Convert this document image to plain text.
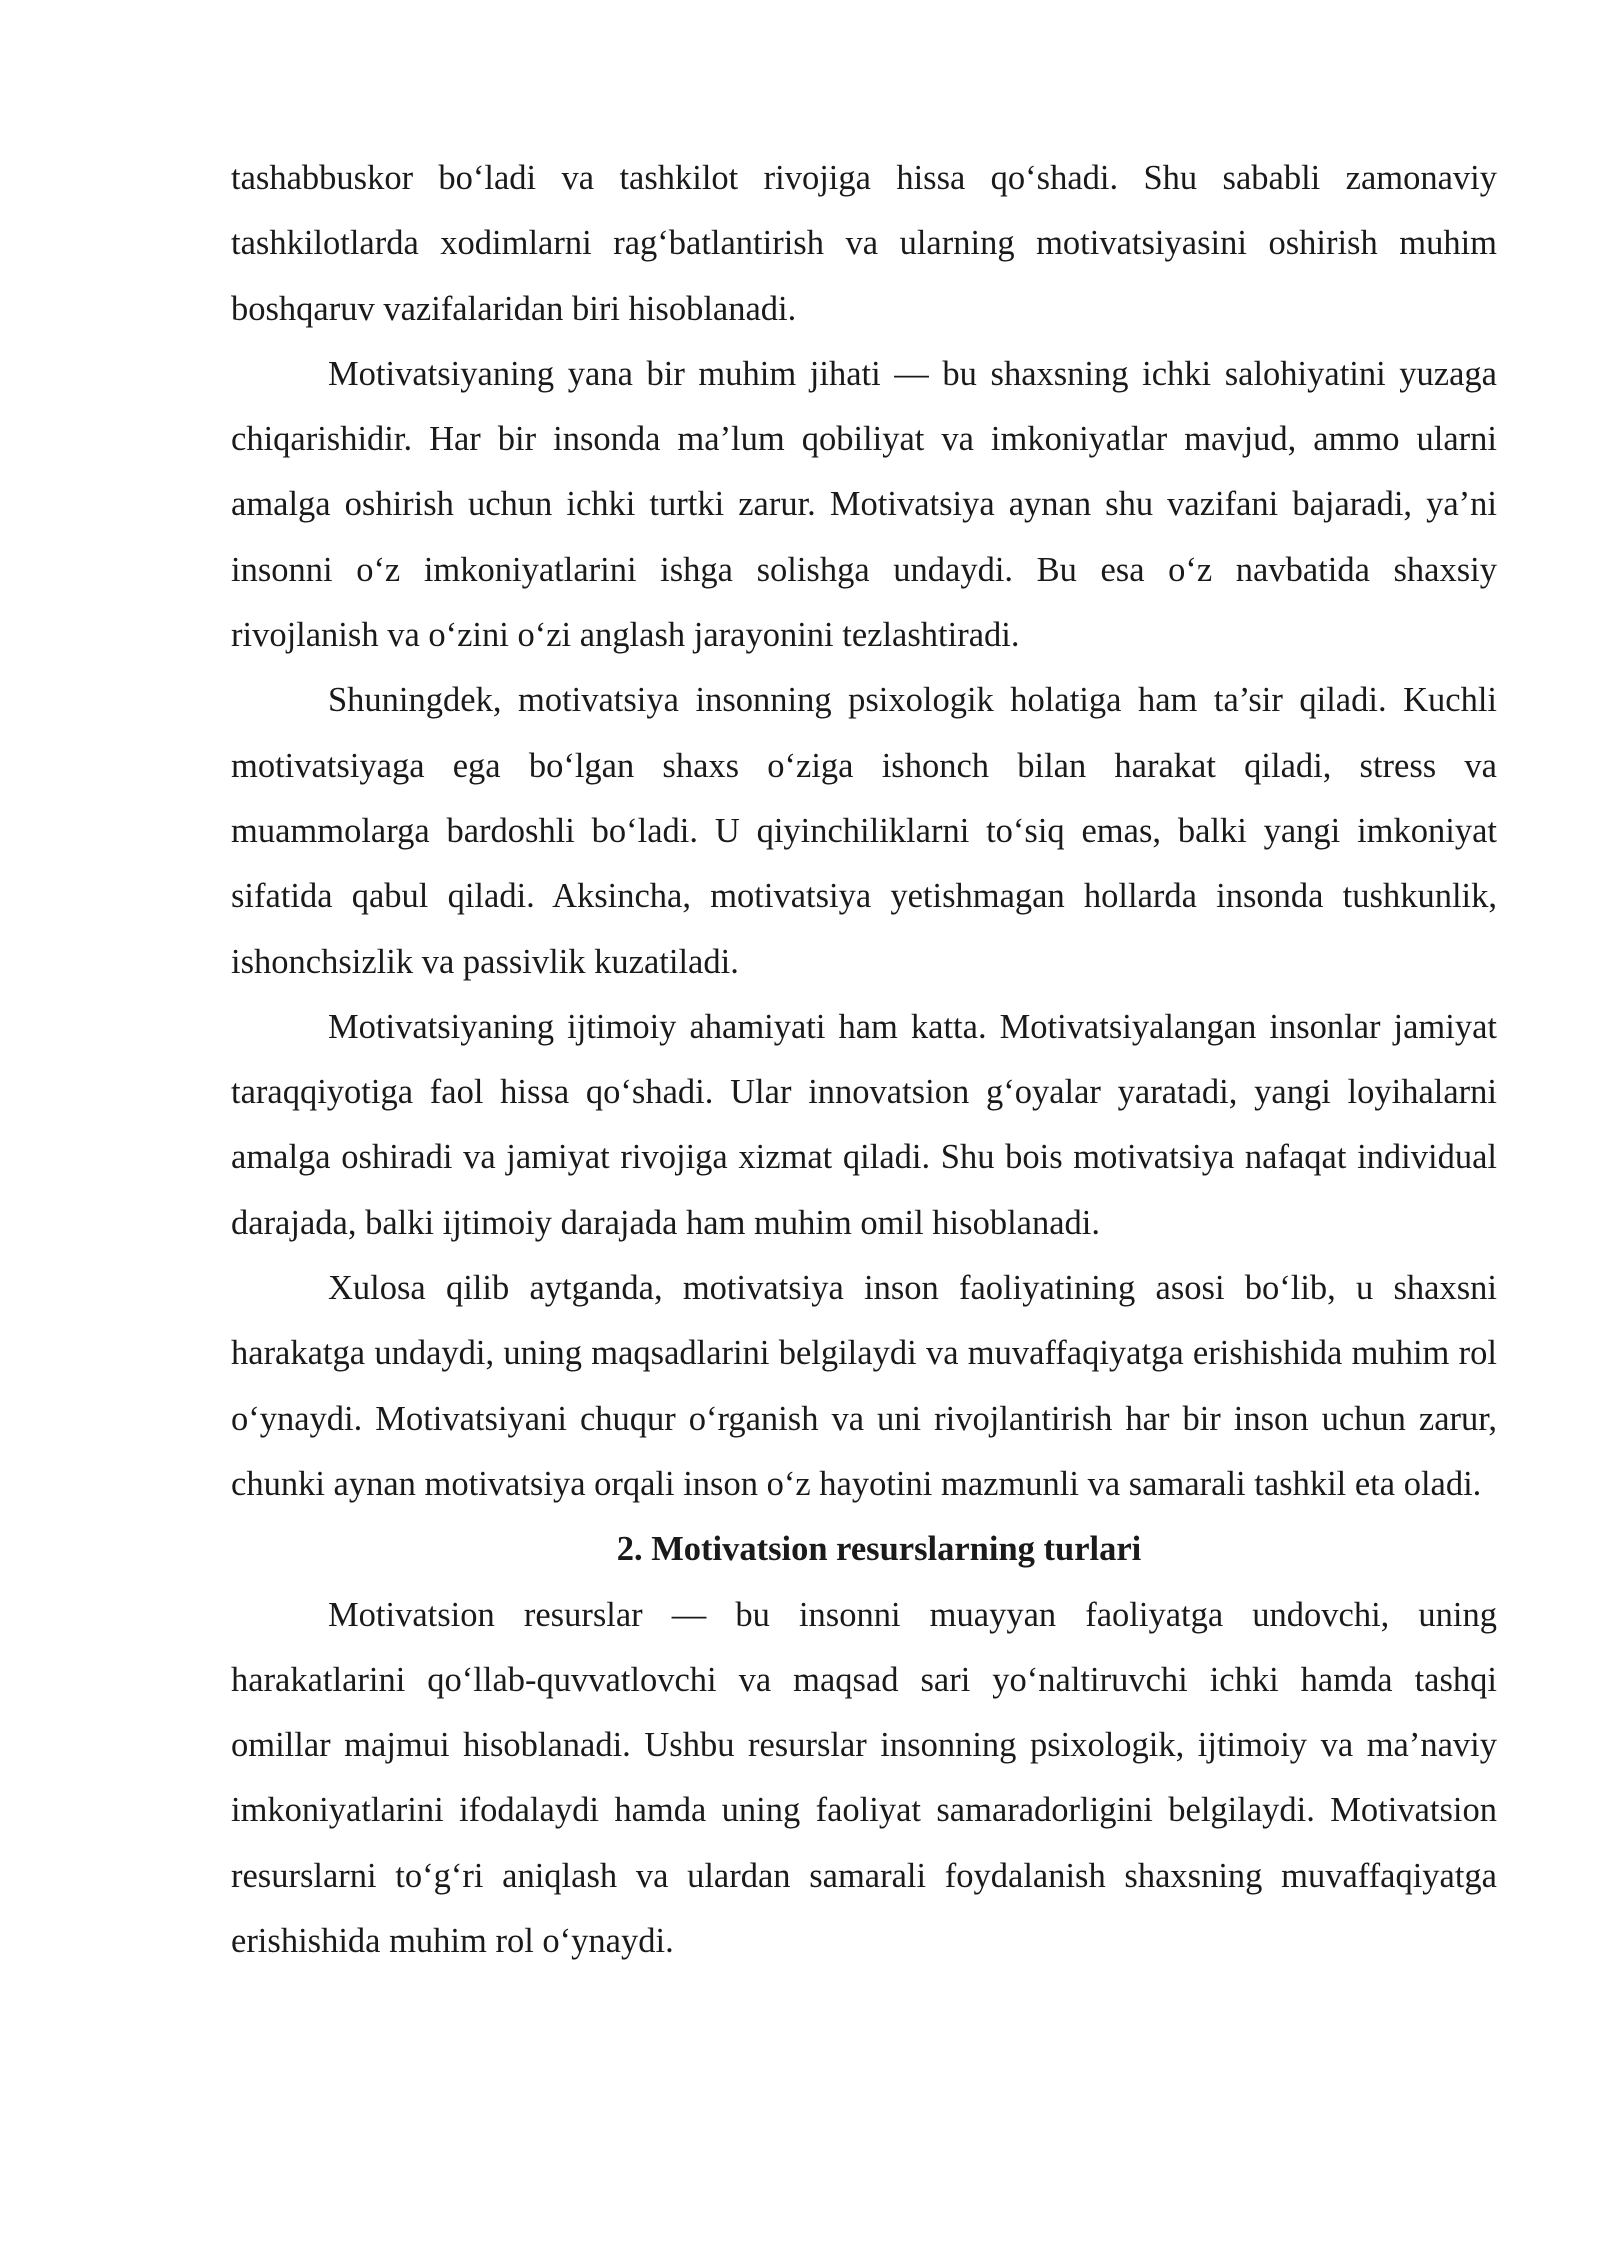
tashabbuskor bo‘ladi va tashkilot rivojiga hissa qo‘shadi. Shu sababli zamonaviy tashkilotlarda xodimlarni rag‘batlantirish va ularning motivatsiyasini oshirish muhim boshqaruv vazifalaridan biri hisoblanadi.

Motivatsiyaning yana bir muhim jihati — bu shaxsning ichki salohiyatini yuzaga chiqarishidir. Har bir insonda ma’lum qobiliyat va imkoniyatlar mavjud, ammo ularni amalga oshirish uchun ichki turtki zarur. Motivatsiya aynan shu vazifani bajaradi, ya’ni insonni o‘z imkoniyatlarini ishga solishga undaydi. Bu esa o‘z navbatida shaxsiy rivojlanish va o‘zini o‘zi anglash jarayonini tezlashtiradi.

Shuningdek, motivatsiya insonning psixologik holatiga ham ta’sir qiladi. Kuchli motivatsiyaga ega bo‘lgan shaxs o‘ziga ishonch bilan harakat qiladi, stress va muammolarga bardoshli bo‘ladi. U qiyinchiliklarni to‘siq emas, balki yangi imkoniyat sifatida qabul qiladi. Aksincha, motivatsiya yetishmagan hollarda insonda tushkunlik, ishonchsizlik va passivlik kuzatiladi.

Motivatsiyaning ijtimoiy ahamiyati ham katta. Motivatsiyalangan insonlar jamiyat taraqqiyotiga faol hissa qo‘shadi. Ular innovatsion g‘oyalar yaratadi, yangi loyihalarni amalga oshiradi va jamiyat rivojiga xizmat qiladi. Shu bois motivatsiya nafaqat individual darajada, balki ijtimoiy darajada ham muhim omil hisoblanadi.

Xulosa qilib aytganda, motivatsiya inson faoliyatining asosi bo‘lib, u shaxsni harakatga undaydi, uning maqsadlarini belgilaydi va muvaffaqiyatga erishishida muhim rol o‘ynaydi. Motivatsiyani chuqur o‘rganish va uni rivojlantirish har bir inson uchun zarur, chunki aynan motivatsiya orqali inson o‘z hayotini mazmunli va samarali tashkil eta oladi.

2. Motivatsion resurslarning turlari

Motivatsion resurslar — bu insonni muayyan faoliyatga undovchi, uning harakatlarini qo‘llab-quvvatlovchi va maqsad sari yo‘naltiruvchi ichki hamda tashqi omillar majmui hisoblanadi. Ushbu resurslar insonning psixologik, ijtimoiy va ma’naviy imkoniyatlarini ifodalaydi hamda uning faoliyat samaradorligini belgilaydi. Motivatsion resurslarni to‘g‘ri aniqlash va ulardan samarali foydalanish shaxsning muvaffaqiyatga erishishida muhim rol o‘ynaydi.
